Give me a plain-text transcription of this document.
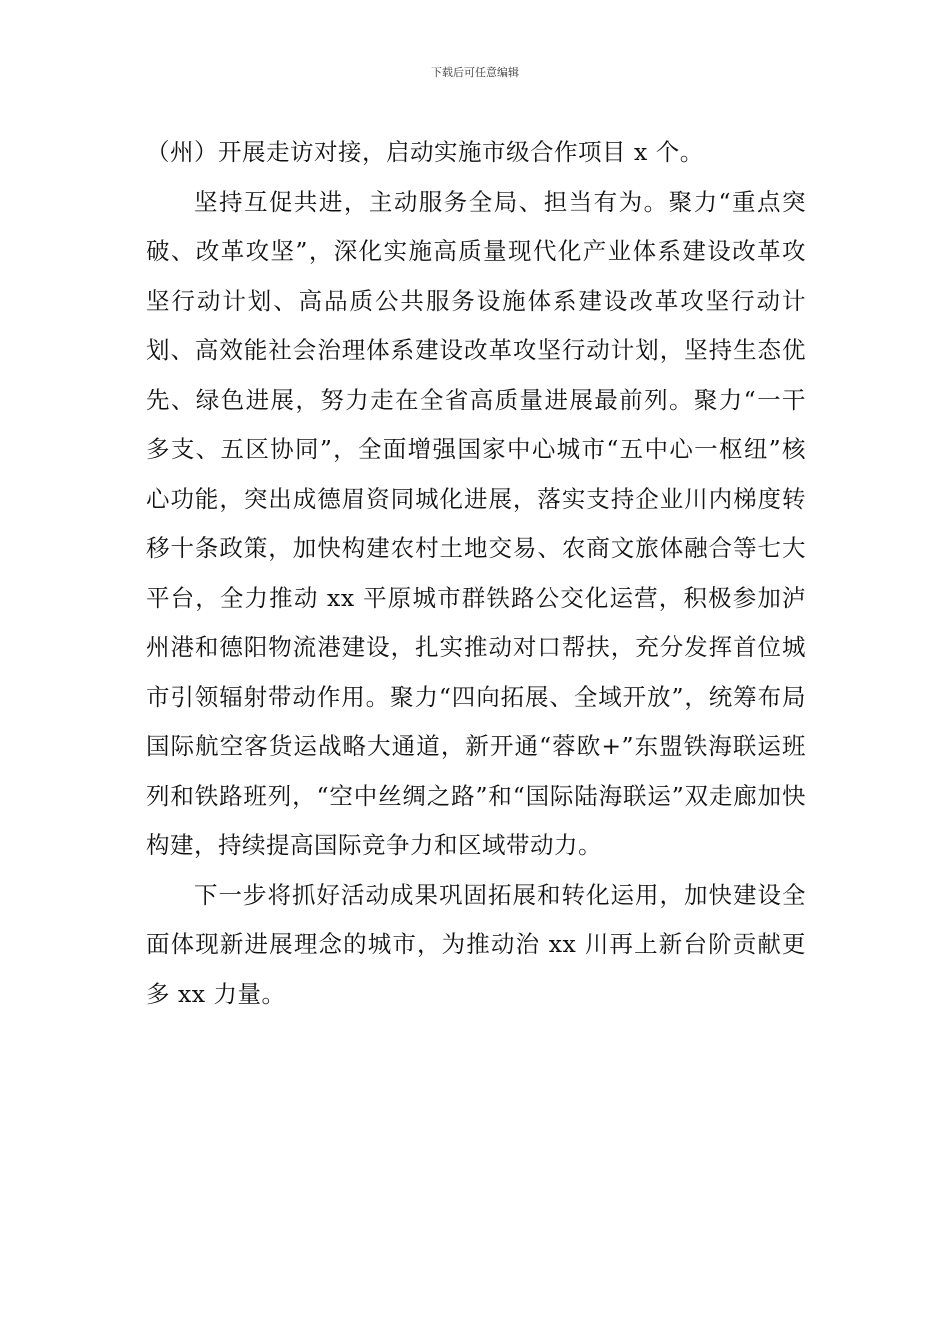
下载后可任意编辑

（州）开展走访对接，启动实施市级合作项目 x 个。

坚持互促共进，主动服务全局、担当有为。聚力“重点突破、改革攻坚”，深化实施高质量现代化产业体系建设改革攻坚行动计划、高品质公共服务设施体系建设改革攻坚行动计划、高效能社会治理体系建设改革攻坚行动计划，坚持生态优先、绿色进展，努力走在全省高质量进展最前列。聚力“一干多支、五区协同”，全面增强国家中心城市“五中心一枢纽”核心功能，突出成德眉资同城化进展，落实支持企业川内梯度转移十条政策，加快构建农村土地交易、农商文旅体融合等七大平台，全力推动 xx 平原城市群铁路公交化运营，积极参加泸州港和德阳物流港建设，扎实推动对口帮扶，充分发挥首位城市引领辐射带动作用。聚力“四向拓展、全域开放”，统筹布局国际航空客货运战略大通道，新开通“蓉欧+”东盟铁海联运班列和铁路班列，“空中丝绸之路”和“国际陆海联运”双走廊加快构建，持续提高国际竞争力和区域带动力。

下一步将抓好活动成果巩固拓展和转化运用，加快建设全面体现新进展理念的城市，为推动治 xx 川再上新台阶贡献更多 xx 力量。
